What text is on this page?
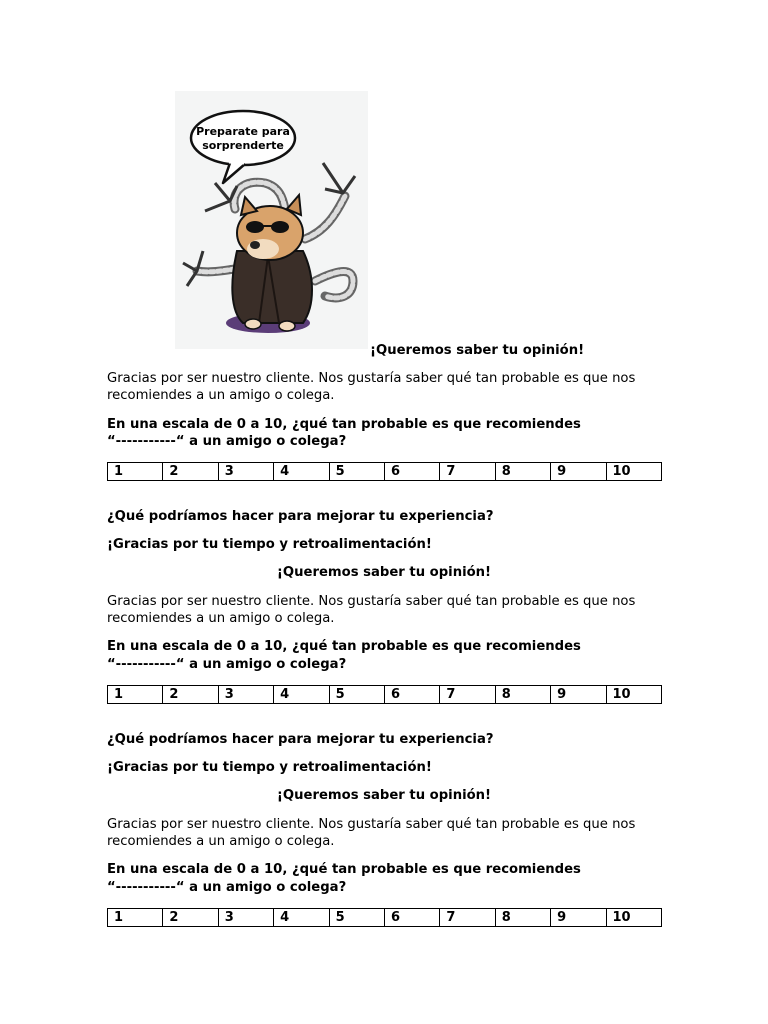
Preparate para
sorprenderte
¡Queremos saber tu opinión!
Gracias por ser nuestro cliente. Nos gustaría saber qué tan probable es que nos
recomiendes a un amigo o colega.
En una escala de 0 a 10, ¿qué tan probable es que recomiendes
“-----------“ a un amigo o colega?
1	2	3	4	5	6	7	8	9	10
¿Qué podríamos hacer para mejorar tu experiencia?
¡Gracias por tu tiempo y retroalimentación!
¡Queremos saber tu opinión!
Gracias por ser nuestro cliente. Nos gustaría saber qué tan probable es que nos
recomiendes a un amigo o colega.
En una escala de 0 a 10, ¿qué tan probable es que recomiendes
“-----------“ a un amigo o colega?
1	2	3	4	5	6	7	8	9	10
¿Qué podríamos hacer para mejorar tu experiencia?
¡Gracias por tu tiempo y retroalimentación!
¡Queremos saber tu opinión!
Gracias por ser nuestro cliente. Nos gustaría saber qué tan probable es que nos
recomiendes a un amigo o colega.
En una escala de 0 a 10, ¿qué tan probable es que recomiendes
“-----------“ a un amigo o colega?
1	2	3	4	5	6	7	8	9	10
